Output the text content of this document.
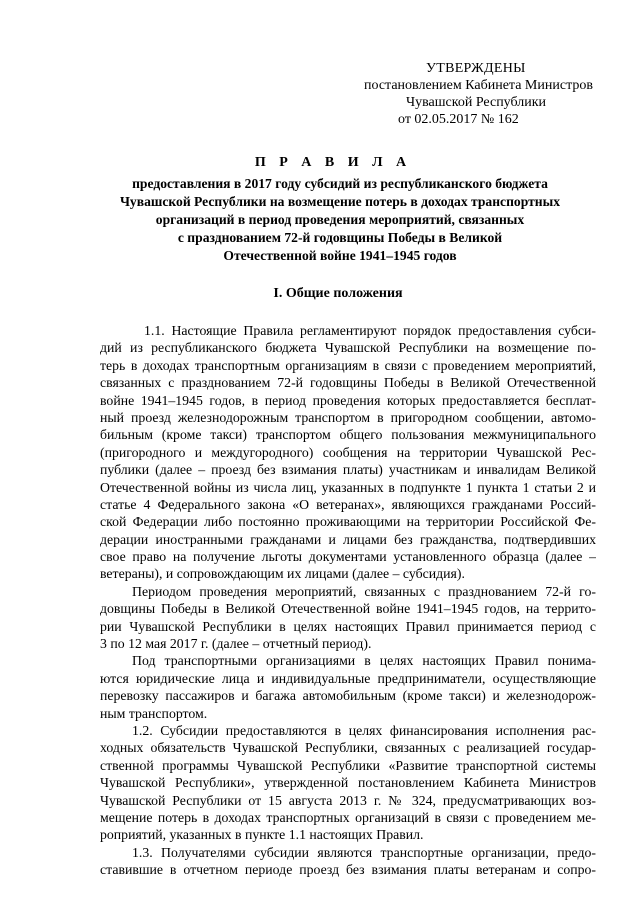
УТВЕРЖДЕНЫ
постановлением Кабинета Министров
Чувашской Республики
от 02.05.2017 № 162
П Р А В И Л А
предоставления в 2017 году субсидий из республиканского бюджета
Чувашской Республики на возмещение потерь в доходах транспортных
организаций в период проведения мероприятий, связанных
с празднованием 72-й годовщины Победы в Великой
Отечественной войне 1941–1945 годов
I. Общие положения
1.1. Настоящие Правила регламентируют порядок предоставления субси-
дий из республиканского бюджета Чувашской Республики на возмещение по-
терь в доходах транспортным организациям в связи с проведением мероприятий,
связанных с празднованием 72-й годовщины Победы в Великой Отечественной
войне 1941–1945 годов, в период проведения которых предоставляется бесплат-
ный проезд железнодорожным транспортом в пригородном сообщении, автомо-
бильным (кроме такси) транспортом общего пользования межмуниципального
(пригородного и междугородного) сообщения на территории Чувашской Рес-
публики (далее – проезд без взимания платы) участникам и инвалидам Великой
Отечественной войны из числа лиц, указанных в подпункте 1 пункта 1 статьи 2 и
статье 4 Федерального закона «О ветеранах», являющихся гражданами Россий-
ской Федерации либо постоянно проживающими на территории Российской Фе-
дерации иностранными гражданами и лицами без гражданства, подтвердивших
свое право на получение льготы документами установленного образца (далее –
ветераны), и сопровождающим их лицами (далее – субсидия).
Периодом проведения мероприятий, связанных с празднованием 72-й го-
довщины Победы в Великой Отечественной войне 1941–1945 годов, на террито-
рии Чувашской Республики в целях настоящих Правил принимается период с
3 по 12 мая 2017 г. (далее – отчетный период).
Под транспортными организациями в целях настоящих Правил понима-
ются юридические лица и индивидуальные предприниматели, осуществляющие
перевозку пассажиров и багажа автомобильным (кроме такси) и железнодорож-
ным транспортом.
1.2. Субсидии предоставляются в целях финансирования исполнения рас-
ходных обязательств Чувашской Республики, связанных с реализацией государ-
ственной программы Чувашской Республики «Развитие транспортной системы
Чувашской Республики», утвержденной постановлением Кабинета Министров
Чувашской Республики от 15 августа 2013 г. № 324, предусматривающих воз-
мещение потерь в доходах транспортных организаций в связи с проведением ме-
роприятий, указанных в пункте 1.1 настоящих Правил.
1.3. Получателями субсидии являются транспортные организации, предо-
ставившие в отчетном периоде проезд без взимания платы ветеранам и сопро-
